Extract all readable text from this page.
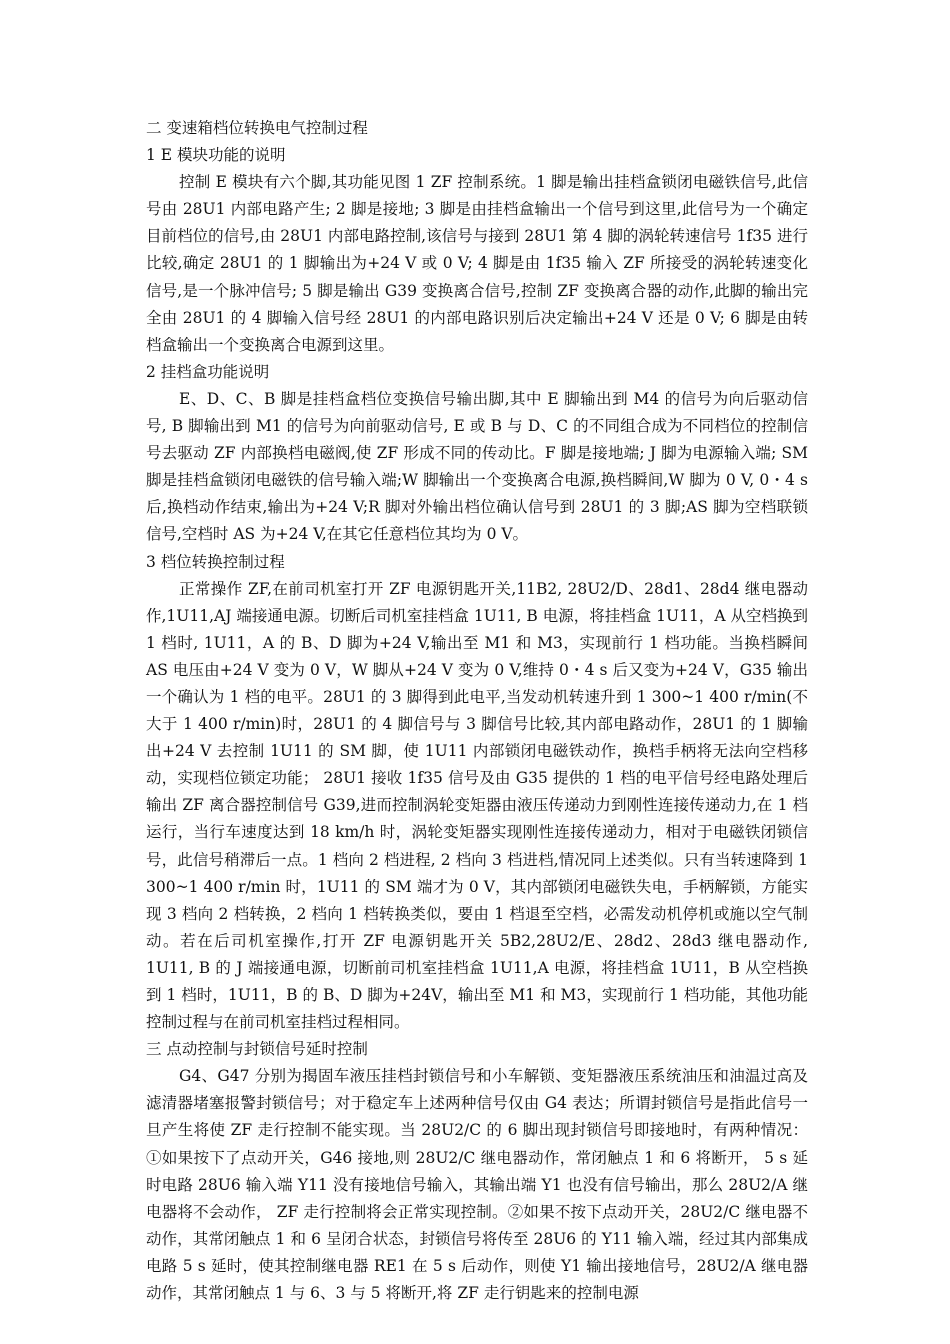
二 变速箱档位转换电气控制过程

1 E 模块功能的说明

控制 E 模块有六个脚,其功能见图 1 ZF 控制系统。1 脚是输出挂档盒锁闭电磁铁信号,此信号由 28U1 内部电路产生; 2 脚是接地; 3 脚是由挂档盒输出一个信号到这里,此信号为一个确定目前档位的信号,由 28U1 内部电路控制,该信号与接到 28U1 第 4 脚的涡轮转速信号 1f35 进行比较,确定 28U1 的 1 脚输出为+24 V 或 0 V; 4 脚是由 1f35 输入 ZF 所接受的涡轮转速变化信号,是一个脉冲信号; 5 脚是输出 G39 变换离合信号,控制 ZF 变换离合器的动作,此脚的输出完全由 28U1 的 4 脚输入信号经 28U1 的内部电路识别后决定输出+24 V 还是 0 V; 6 脚是由转档盒输出一个变换离合电源到这里。

2 挂档盒功能说明

E、D、C、B 脚是挂档盒档位变换信号输出脚,其中 E 脚输出到 M4 的信号为向后驱动信号, B 脚输出到 M1 的信号为向前驱动信号, E 或 B 与 D、C 的不同组合成为不同档位的控制信号去驱动 ZF 内部换档电磁阀,使 ZF 形成不同的传动比。F 脚是接地端; J 脚为电源输入端; SM 脚是挂档盒锁闭电磁铁的信号输入端;W 脚输出一个变换离合电源,换档瞬间,W 脚为 0 V, 0・4 s 后,换档动作结束,输出为+24 V;R 脚对外输出档位确认信号到 28U1 的 3 脚;AS 脚为空档联锁信号,空档时 AS 为+24 V,在其它任意档位其均为 0 V。

3 档位转换控制过程

正常操作 ZF,在前司机室打开 ZF 电源钥匙开关,11B2, 28U2/D、28d1、28d4 继电器动作,1U11,AJ 端接通电源。切断后司机室挂档盒 1U11, B 电源，将挂档盒 1U11，A 从空档换到 1 档时, 1U11，A 的 B、D 脚为+24 V,输出至 M1 和 M3，实现前行 1 档功能。当换档瞬间 AS 电压由+24 V 变为 0 V，W 脚从+24 V 变为 0 V,维持 0・4 s 后又变为+24 V，G35 输出一个确认为 1 档的电平。28U1 的 3 脚得到此电平,当发动机转速升到 1 300~1 400 r/min(不大于 1 400 r/min)时，28U1 的 4 脚信号与 3 脚信号比较,其内部电路动作，28U1 的 1 脚输出+24 V 去控制 1U11 的 SM 脚，使 1U11 内部锁闭电磁铁动作，换档手柄将无法向空档移动，实现档位锁定功能； 28U1 接收 1f35 信号及由 G35 提供的 1 档的电平信号经电路处理后输出 ZF 离合器控制信号 G39,进而控制涡轮变矩器由液压传递动力到刚性连接传递动力,在 1 档运行，当行车速度达到 18 km/h 时，涡轮变矩器实现刚性连接传递动力，相对于电磁铁闭锁信号，此信号稍滞后一点。1 档向 2 档进程, 2 档向 3 档进档,情况同上述类似。只有当转速降到 1 300~1 400 r/min 时，1U11 的 SM 端才为 0 V，其内部锁闭电磁铁失电，手柄解锁，方能实现 3 档向 2 档转换，2 档向 1 档转换类似，要由 1 档退至空档，必需发动机停机或施以空气制动。若在后司机室操作,打开 ZF 电源钥匙开关 5B2,28U2/E、28d2、28d3 继电器动作, 1U11, B 的 J 端接通电源，切断前司机室挂档盒 1U11,A 电源，将挂档盒 1U11，B 从空档换到 1 档时，1U11，B 的 B、D 脚为+24V，输出至 M1 和 M3，实现前行 1 档功能，其他功能控制过程与在前司机室挂档过程相同。

三 点动控制与封锁信号延时控制

G4、G47 分别为揭固车液压挂档封锁信号和小车解锁、变矩器液压系统油压和油温过高及滤清器堵塞报警封锁信号；对于稳定车上述两种信号仅由 G4 表达；所谓封锁信号是指此信号一旦产生将使 ZF 走行控制不能实现。当 28U2/C 的 6 脚出现封锁信号即接地时，有两种情况：①如果按下了点动开关，G46 接地,则 28U2/C 继电器动作，常闭触点 1 和 6 将断开， 5 s 延时电路 28U6 输入端 Y11 没有接地信号输入，其输出端 Y1 也没有信号输出，那么 28U2/A 继电器将不会动作， ZF 走行控制将会正常实现控制。②如果不按下点动开关，28U2/C 继电器不动作，其常闭触点 1 和 6 呈闭合状态，封锁信号将传至 28U6 的 Y11 输入端，经过其内部集成电路 5 s 延时，使其控制继电器 RE1 在 5 s 后动作，则使 Y1 输出接地信号，28U2/A 继电器动作，其常闭触点 1 与 6、3 与 5 将断开,将 ZF 走行钥匙来的控制电源
